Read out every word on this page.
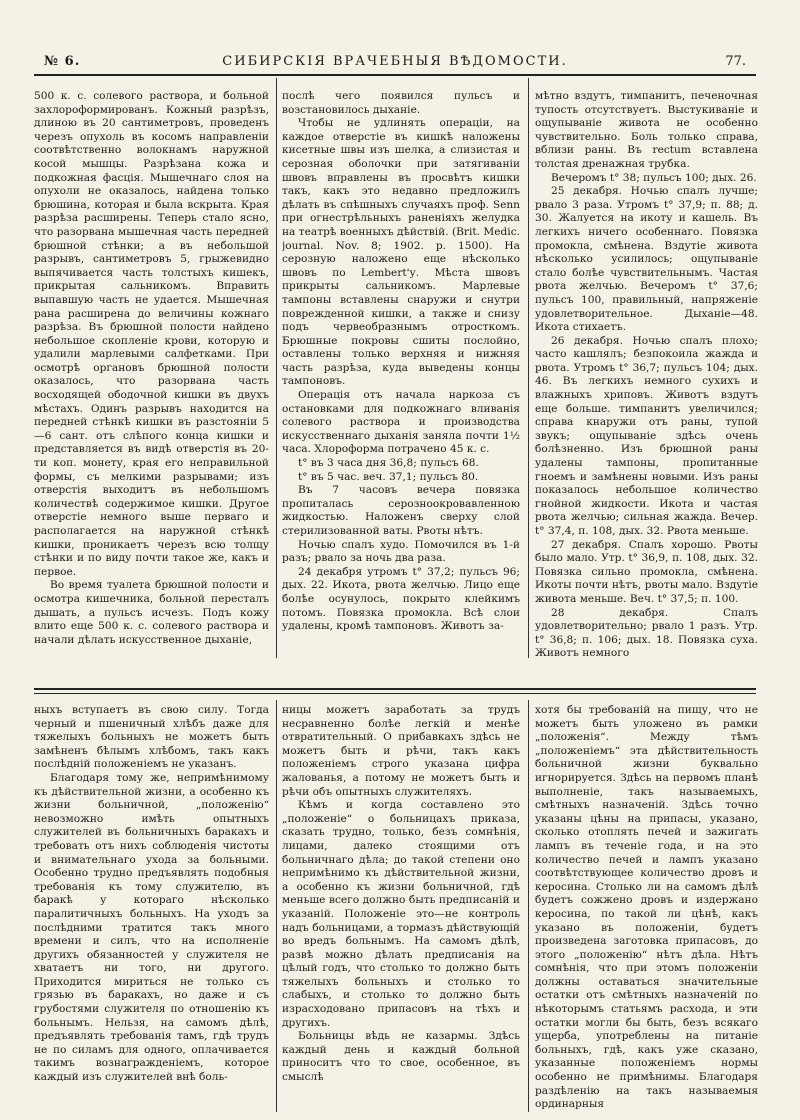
№ 6.	СИБИРСКІЯ ВРАЧЕБНЫЯ ВѢДОМОСТИ.	77.

500 к. с. солевого раствора, и больной захлороформированъ. Кожный разрѣзъ, длиною въ 20 сантиметровъ, проведенъ черезъ опухоль въ косомъ направленіи соотвѣтственно волокнамъ наружной косой мышцы. Разрѣзана кожа и подкожная фасція. Мышечнаго слоя на опухоли не оказалось, найдена только брюшина, которая и была вскрыта. Края разрѣза расширены. Теперь стало ясно, что разорвана мышечная часть передней брюшной стѣнки; а въ небольшой разрывъ, сантиметровъ 5, грыжевидно выпячивается часть толстыхъ кишекъ, прикрытая сальникомъ. Вправить выпавшую часть не удается. Мышечная рана расширена до величины кожнаго разрѣза. Въ брюшной полости найдено небольшое скопленіе крови, которую и удалили марлевыми салфетками. При осмотрѣ органовъ брюшной полости оказалось, что разорвана часть восходящей ободочной кишки въ двухъ мѣстахъ. Одинъ разрывъ находится на передней стѣнкѣ кишки въ разстояніи 5—6 сант. отъ слѣпого конца кишки и представляется въ видѣ отверстія въ 20-ти коп. монету, края его неправильной формы, съ мелкими разрывами; изъ отверстія выходитъ въ небольшомъ количествѣ содержимое кишки. Другое отверстіе немного выше перваго и располагается на наружной стѣнкѣ кишки, проникаетъ черезъ всю толщу стѣнки и по виду почти такое же, какъ и первое.

Во время туалета брюшной полости и осмотра кишечника, больной переcталъ дышать, а пульсъ исчезъ. Подъ кожу влито еще 500 к. с. солевого раствора и начали дѣлать искусственное дыханіе,

послѣ чего появился пульсъ и возстановилось дыханіе.

Чтобы не удлинять операціи, на каждое отверстіе въ кишкѣ наложены кисетные швы изъ шелка, а слизистая и серозная оболочки при затягиваніи швовъ вправлены въ просвѣтъ кишки такъ, какъ это недавно предложилъ дѣлать въ спѣшныхъ случаяхъ проф. Senn при огнестрѣльныхъ раненіяхъ желудка на театрѣ военныхъ дѣйствій. (Brit. Medic. journal. Nov. 8; 1902. p. 1500). На серозную наложено еще нѣсколько швовъ по Lembert'у. Мѣста швовъ прикрыты сальникомъ. Марлевые тампоны вставлены снаружи и снутри поврежденной кишки, а также и снизу подъ червеобразнымъ отросткомъ. Брюшные покровы сшиты послойно, оставлены только верхняя и нижняя часть разрѣза, куда выведены концы тампоновъ.

Операція отъ начала наркоза съ остановками для подкожнаго вливанія солевого раствора и производства искусственнаго дыханія заняла почти 1½ часа. Хлороформа потрачено 45 к. с.

t° въ 3 часа дня 36,8; пульсъ 68.

t° въ 5 час. веч. 37,1; пульсъ 80.

Въ 7 часовъ вечера повязка пропиталась серозноокровавленною жидкостью. Наложенъ сверху слой стерилизованной ваты. Рвоты нѣтъ.

Ночью спалъ худо. Помочился въ 1-й разъ; рвало за ночь два раза.

24 декабря утромъ t° 37,2; пульсъ 96; дых. 22. Икота, рвота желчью. Лицо еще болѣе осунулось, покрыто клейкимъ потомъ. Повязка промокла. Всѣ слои удалены, кромѣ тампоновъ. Животъ за-

мѣтно вздутъ, тимпанитъ, печеночная тупость отсутствуетъ. Выстукиваніе и ощупываніе живота не особенно чувствительно. Боль только справа, вблизи раны. Въ rectum вставлена толстая дренажная трубка.

Вечеромъ t° 38; пульсъ 100; дых. 26.

25 декабря. Ночью спалъ лучше; рвало 3 раза. Утромъ t° 37,9; п. 88; д. 30. Жалуется на икоту и кашель. Въ легкихъ ничего особеннаго. Повязка промокла, смѣнена. Вздутіе живота нѣсколько усилилось; ощупываніе стало болѣе чувствительнымъ. Частая рвота желчью. Вечеромъ t° 37,6; пульсъ 100, правильный, напряженіе удовлетворительное. Дыханіе—48. Икота стихаетъ.

26 декабря. Ночью спалъ плохо; часто кашлялъ; безпокоила жажда и рвота. Утромъ t° 36,7; пульсъ 104; дых. 46. Въ легкихъ немного сухихъ и влажныхъ хриповъ. Животъ вздутъ еще больше. тимпанитъ увеличился; справа кнаружи отъ раны, тупой звукъ; ощупываніе здѣсь очень болѣзненно. Изъ брюшной раны удалены тампоны, пропитанные гноемъ и замѣнены новыми. Изъ раны показалось небольшое количество гнойной жидкости. Икота и частая рвота желчью; сильная жажда. Вечер. t° 37,4, п. 108, дых. 32. Рвота меньше.

27 декабря. Спалъ хорошо. Рвоты было мало. Утр. t° 36,9, п. 108, дых. 32. Повязка сильно промокла, смѣнена. Икоты почти нѣтъ, рвоты мало. Вздутіе живота меньше. Веч. t° 37,5; п. 100.

28 декабря. Спалъ удовлетворительно; рвало 1 разъ. Утр. t° 36,8; п. 106; дых. 18. Повязка суха. Животъ немного

ныхъ вступаетъ въ свою силу. Тогда черный и пшеничный хлѣбъ даже для тяжелыхъ больныхъ не можетъ быть замѣненъ бѣлымъ хлѣбомъ, такъ какъ послѣдній положеніемъ не указанъ.

Благодаря тому же, непримѣнимому къ дѣйствительной жизни, а особенно къ жизни больничной, „положенію“ невозможно имѣть опытныхъ служителей въ больничныхъ баракахъ и требовать отъ нихъ соблюденія чистоты и внимательнаго ухода за больными. Особенно трудно предъявлять подобныя требованія къ тому служителю, въ баракѣ у котораго нѣсколько паралитичныхъ больныхъ. На уходъ за послѣдними тратится такъ много времени и силъ, что на исполненіе другихъ обязанностей у служителя не хватаетъ ни того, ни другого. Приходится мириться не только съ грязью въ баракахъ, но даже и съ грубостями служителя по отношенію къ больнымъ. Нельзя, на самомъ дѣлѣ, предъявлять требованія тамъ, гдѣ трудъ не по силамъ для одного, оплачивается такимъ вознагражденіемъ, которое каждый изъ служителей внѣ боль-

ницы можетъ заработать за трудъ несравненно болѣе легкій и менѣе отвратительный. О прибавкахъ здѣсь не можетъ быть и рѣчи, такъ какъ положеніемъ строго указана цифра жалованья, а потому не можетъ быть и рѣчи объ опытныхъ служителяхъ.

Кѣмъ и когда составлено это „положеніе“ о больницахъ приказа, сказать трудно, только, безъ сомнѣнія, лицами, далеко стоящими отъ больничнаго дѣла; до такой степени оно непримѣнимо къ дѣйствительной жизни, а особенно къ жизни больничной, гдѣ меньше всего должно быть предписаній и указаній. Положеніе это—не контроль надъ больницами, а тормазъ дѣйствующій во вредъ больнымъ. На самомъ дѣлѣ, развѣ можно дѣлать предписанія на цѣлый годъ, что столько то должно быть тяжелыхъ больныхъ и столько то слабыхъ, и столько то должно быть израсходовано припасовъ на тѣхъ и другихъ.

Больницы вѣдь не казармы. Здѣсь каждый день и каждый больной приноситъ что то свое, особенное, въ смыслѣ

хотя бы требованій на пищу, что не можетъ быть уложено въ рамки „положенія“. Между тѣмъ „положеніемъ“ эта дѣйствительность больничной жизни буквально игнорируется. Здѣсь на первомъ планѣ выполненіе, такъ называемыхъ, смѣтныхъ назначеній. Здѣсь точно указаны цѣны на припасы, указано, сколько отоплять печей и зажигать лампъ въ теченіе года, и на это количество печей и лампъ указано соотвѣтствующее количество дровъ и керосина. Столько ли на самомъ дѣлѣ будетъ сожжено дровъ и издержано керосина, по такой ли цѣнѣ, какъ указано въ положеніи, будетъ произведена заготовка припасовъ, до этого „положенію“ нѣтъ дѣла. Нѣтъ сомнѣнія, что при этомъ положеніи должны оставаться значительные остатки отъ смѣтныхъ назначеній по нѣкоторымъ статьямъ расхода, и эти остатки могли бы быть, безъ всякаго ущерба, употреблены на питаніе больныхъ, гдѣ, какъ уже сказано, указанные положеніемъ нормы особенно не примѣнимы. Благодаря раздѣленію на такъ называемыя ординарныя
